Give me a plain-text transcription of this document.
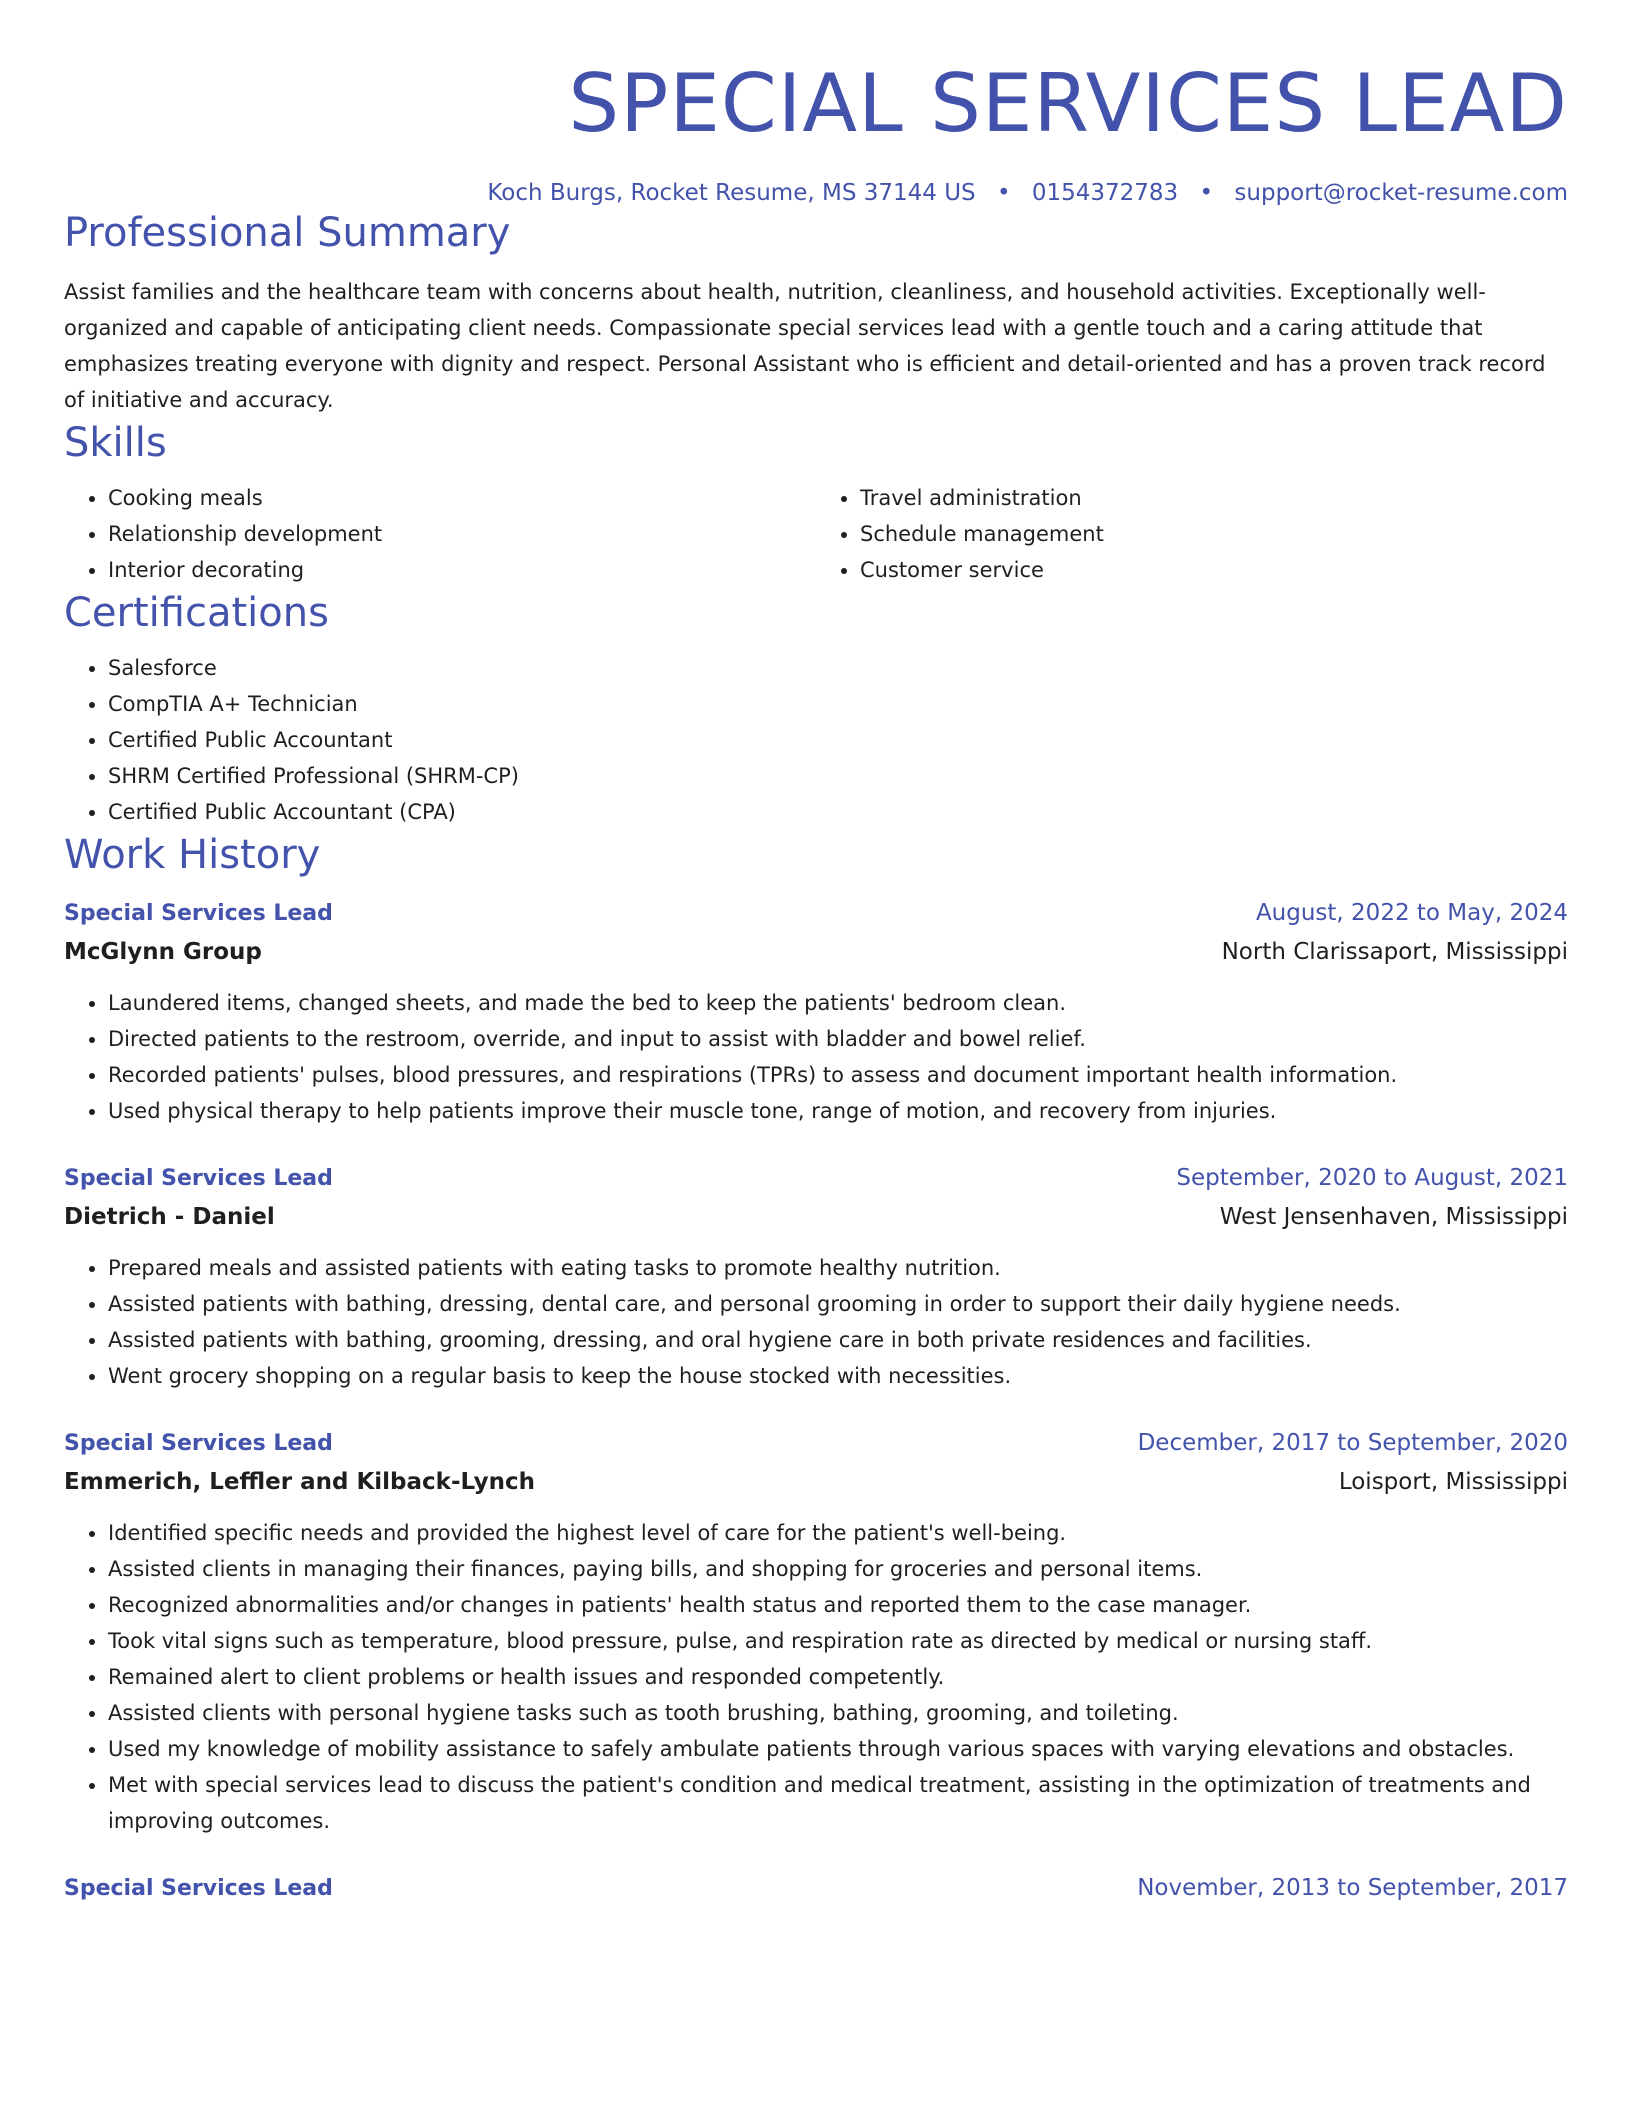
SPECIAL SERVICES LEAD
Koch Burgs, Rocket Resume, MS 37144 US • 0154372783 • support@rocket-resume.com
Professional Summary

Assist families and the healthcare team with concerns about health, nutrition, cleanliness, and household activities. Exceptionally well-organized and capable of anticipating client needs. Compassionate special services lead with a gentle touch and a caring attitude that emphasizes treating everyone with dignity and respect. Personal Assistant who is efficient and detail-oriented and has a proven track record of initiative and accuracy.

Skills
• Cooking meals
• Relationship development
• Interior decorating
• Travel administration
• Schedule management
• Customer service
Certifications
• Salesforce
• CompTIA A+ Technician
• Certified Public Accountant
• SHRM Certified Professional (SHRM-CP)
• Certified Public Accountant (CPA)
Work History
Special Services Lead	August, 2022 to May, 2024
McGlynn Group	North Clarissaport, Mississippi
• Laundered items, changed sheets, and made the bed to keep the patients' bedroom clean.
• Directed patients to the restroom, override, and input to assist with bladder and bowel relief.
• Recorded patients' pulses, blood pressures, and respirations (TPRs) to assess and document important health information.
• Used physical therapy to help patients improve their muscle tone, range of motion, and recovery from injuries.
Special Services Lead	September, 2020 to August, 2021
Dietrich - Daniel	West Jensenhaven, Mississippi
• Prepared meals and assisted patients with eating tasks to promote healthy nutrition.
• Assisted patients with bathing, dressing, dental care, and personal grooming in order to support their daily hygiene needs.
• Assisted patients with bathing, grooming, dressing, and oral hygiene care in both private residences and facilities.
• Went grocery shopping on a regular basis to keep the house stocked with necessities.
Special Services Lead	December, 2017 to September, 2020
Emmerich, Leffler and Kilback-Lynch	Loisport, Mississippi
• Identified specific needs and provided the highest level of care for the patient's well-being.
• Assisted clients in managing their finances, paying bills, and shopping for groceries and personal items.
• Recognized abnormalities and/or changes in patients' health status and reported them to the case manager.
• Took vital signs such as temperature, blood pressure, pulse, and respiration rate as directed by medical or nursing staff.
• Remained alert to client problems or health issues and responded competently.
• Assisted clients with personal hygiene tasks such as tooth brushing, bathing, grooming, and toileting.
• Used my knowledge of mobility assistance to safely ambulate patients through various spaces with varying elevations and obstacles.
• Met with special services lead to discuss the patient's condition and medical treatment, assisting in the optimization of treatments and improving outcomes.
Special Services Lead	November, 2013 to September, 2017
